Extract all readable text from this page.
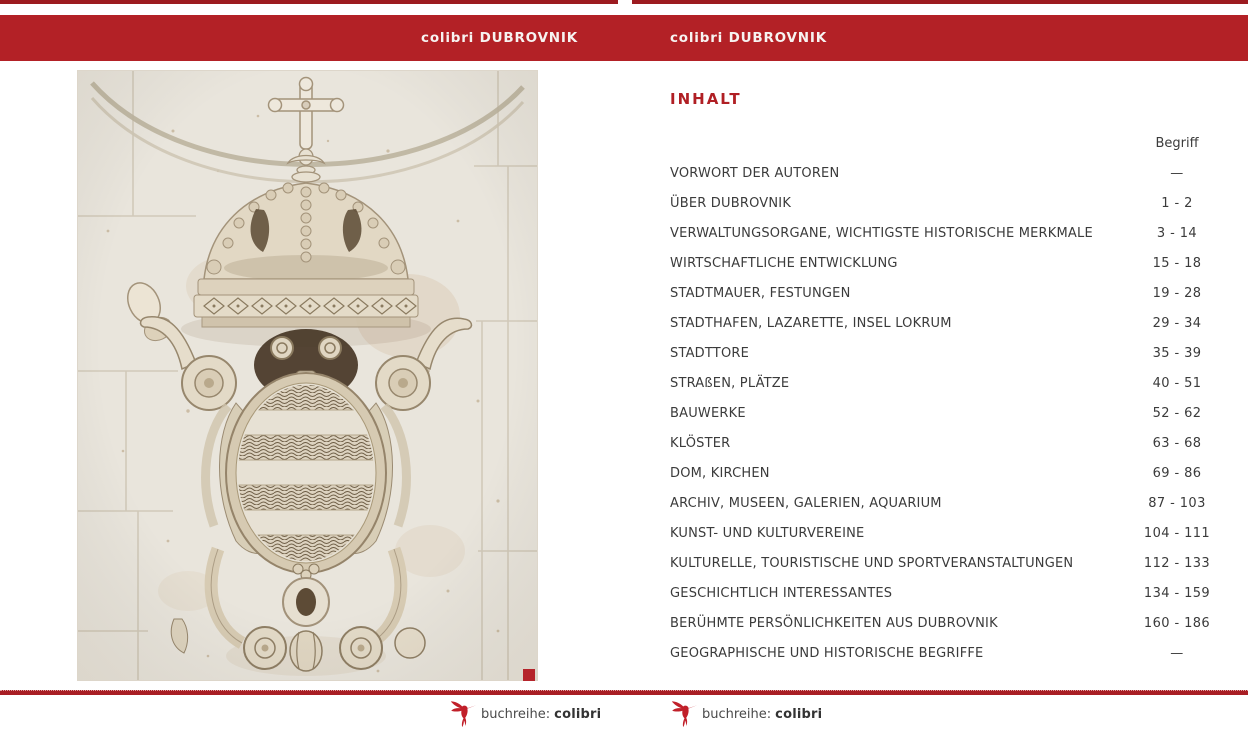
colibri DUBROVNIK	colibri DUBROVNIK
INHALT
Begriff
VORWORT DER AUTOREN	—
ÜBER DUBROVNIK	1 - 2
VERWALTUNGSORGANE, WICHTIGSTE HISTORISCHE MERKMALE	3 - 14
WIRTSCHAFTLICHE ENTWICKLUNG	15 - 18
STADTMAUER, FESTUNGEN	19 - 28
STADTHAFEN, LAZARETTE, INSEL LOKRUM	29 - 34
STADTTORE	35 - 39
STRAßEN, PLÄTZE	40 - 51
BAUWERKE	52 - 62
KLÖSTER	63 - 68
DOM, KIRCHEN	69 - 86
ARCHIV, MUSEEN, GALERIEN, AQUARIUM	87 - 103
KUNST- UND KULTURVEREINE	104 - 111
KULTURELLE, TOURISTISCHE UND SPORTVERANSTALTUNGEN	112 - 133
GESCHICHTLICH INTERESSANTES	134 - 159
BERÜHMTE PERSÖNLICHKEITEN AUS DUBROVNIK	160 - 186
GEOGRAPHISCHE UND HISTORISCHE BEGRIFFE	—
buchreihe: colibri	buchreihe: colibri
